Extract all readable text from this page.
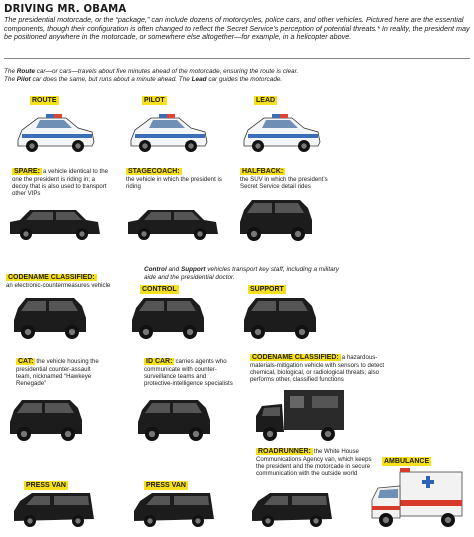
DRIVING MR. OBAMA
The presidential motorcade, or the “package,” can include dozens of motorcycles, police cars, and other vehicles. Pictured here are the essential components, though their configuration is often changed to reflect the Secret Service’s perception of potential threats.* In reality, the president may be positioned anywhere in the motorcade, or somewhere else altogether—for example, in a helicopter above.
The Route car—or cars—travels about five minutes ahead of the motorcade, ensuring the route is clear. The Pilot car does the same, but runs about a minute ahead. The Lead car guides the motorcade.
ROUTE	PILOT	LEAD
SPARE: a vehicle identical to the one the president is riding in; a decoy that is also used to transport other VIPs
STAGECOACH:
the vehicle in which the president is riding
HALFBACK:
the SUV in which the president’s Secret Service detail rides
Control and Support vehicles transport key staff, including a military aide and the presidential doctor.
CODENAME CLASSIFIED:
an electronic-countermeasures vehicle
CONTROL	SUPPORT
CAT: the vehicle housing the presidential counter-assault team, nicknamed “Hawkeye Renegade”
ID CAR: carries agents who communicate with counter-surveillance teams and protective-intelligence specialists
CODENAME CLASSIFIED: a hazardous-materials-mitigation vehicle with sensors to detect chemical, biological, or radiological threats; also performs other, classified functions
ROADRUNNER: the White House Communications Agency van, which keeps the president and the motorcade in secure communication with the outside world
AMBULANCE
PRESS VAN	PRESS VAN
